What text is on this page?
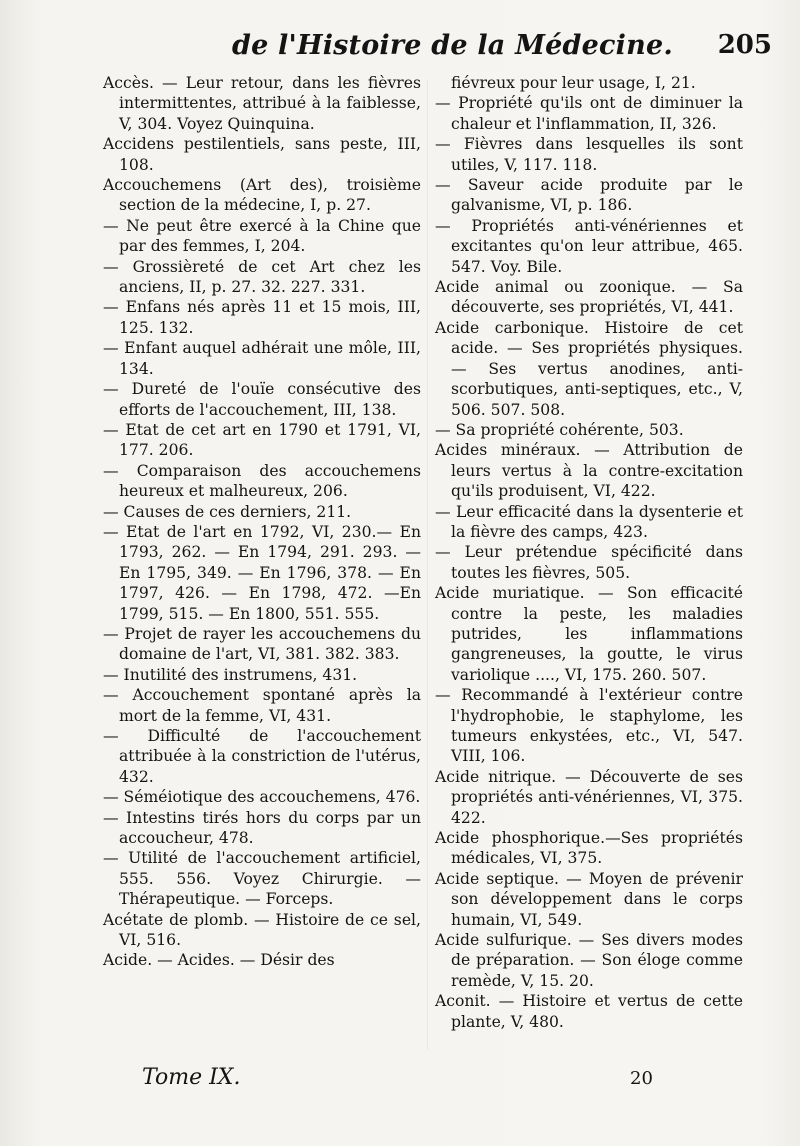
de l'Histoire de la Médecine. 205

Accès. — Leur retour, dans les fièvres intermittentes, attribué à la faiblesse, V, 304. Voyez Quinquina.

Accidens pestilentiels, sans peste, III, 108.

Accouchemens (Art des), troisième section de la médecine, I, p. 27.

— Ne peut être exercé à la Chine que par des femmes, I, 204.

— Grossièreté de cet Art chez les anciens, II, p. 27. 32. 227. 331.

— Enfans nés après 11 et 15 mois, III, 125. 132.

— Enfant auquel adhérait une môle, III, 134.

— Dureté de l'ouïe consécutive des efforts de l'accouchement, III, 138.

— Etat de cet art en 1790 et 1791, VI, 177. 206.

— Comparaison des accouchemens heureux et malheureux, 206.

— Causes de ces derniers, 211.

— Etat de l'art en 1792, VI, 230.— En 1793, 262. — En 1794, 291. 293. — En 1795, 349. — En 1796, 378. — En 1797, 426. — En 1798, 472. —En 1799, 515. — En 1800, 551. 555.

— Projet de rayer les accouchemens du domaine de l'art, VI, 381. 382. 383.

— Inutilité des instrumens, 431.

— Accouchement spontané après la mort de la femme, VI, 431.

— Difficulté de l'accouchement attribuée à la constriction de l'utérus, 432.

— Séméiotique des accouchemens, 476.

— Intestins tirés hors du corps par un accoucheur, 478.

— Utilité de l'accouchement artificiel, 555. 556. Voyez Chirurgie. — Thérapeutique. — Forceps.

Acétate de plomb. — Histoire de ce sel, VI, 516.

Acide. — Acides. — Désir des

fiévreux pour leur usage, I, 21.

— Propriété qu'ils ont de diminuer la chaleur et l'inflammation, II, 326.

— Fièvres dans lesquelles ils sont utiles, V, 117. 118.

— Saveur acide produite par le galvanisme, VI, p. 186.

— Propriétés anti-vénériennes et excitantes qu'on leur attribue, 465. 547. Voy. Bile.

Acide animal ou zoonique. — Sa découverte, ses propriétés, VI, 441.

Acide carbonique. Histoire de cet acide. — Ses propriétés physiques. — Ses vertus anodines, anti-scorbutiques, anti-septiques, etc., V, 506. 507. 508.

— Sa propriété cohérente, 503.

Acides minéraux. — Attribution de leurs vertus à la contre-excitation qu'ils produisent, VI, 422.

— Leur efficacité dans la dysenterie et la fièvre des camps, 423.

— Leur prétendue spécificité dans toutes les fièvres, 505.

Acide muriatique. — Son efficacité contre la peste, les maladies putrides, les inflammations gangreneuses, la goutte, le virus variolique ...., VI, 175. 260. 507.

— Recommandé à l'extérieur contre l'hydrophobie, le staphylome, les tumeurs enkystées, etc., VI, 547. VIII, 106.

Acide nitrique. — Découverte de ses propriétés anti-vénériennes, VI, 375. 422.

Acide phosphorique.—Ses propriétés médicales, VI, 375.

Acide septique. — Moyen de prévenir son développement dans le corps humain, VI, 549.

Acide sulfurique. — Ses divers modes de préparation. — Son éloge comme remède, V, 15. 20.

Aconit. — Histoire et vertus de cette plante, V, 480.

Tome IX.	20
